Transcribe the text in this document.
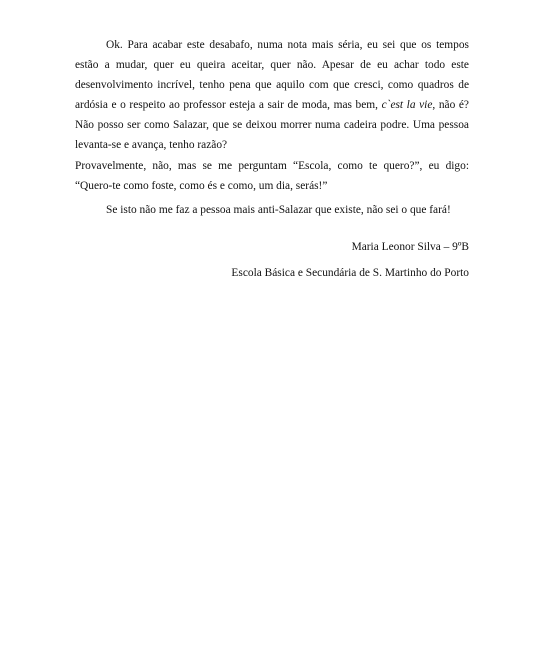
Ok. Para acabar este desabafo, numa nota mais séria, eu sei que os tempos estão a mudar, quer eu queira aceitar, quer não. Apesar de eu achar todo este desenvolvimento incrível, tenho pena que aquilo com que cresci, como quadros de ardósia e o respeito ao professor esteja a sair de moda, mas bem, c`est la vie, não é? Não posso ser como Salazar, que se deixou morrer numa cadeira podre. Uma pessoa levanta-se e avança, tenho razão?

Provavelmente, não, mas se me perguntam “Escola, como te quero?”, eu digo: “Quero-te como foste, como és e como, um dia, serás!”

Se isto não me faz a pessoa mais anti-Salazar que existe, não sei o que fará!

Maria Leonor Silva – 9ºB
Escola Básica e Secundária de S. Martinho do Porto
